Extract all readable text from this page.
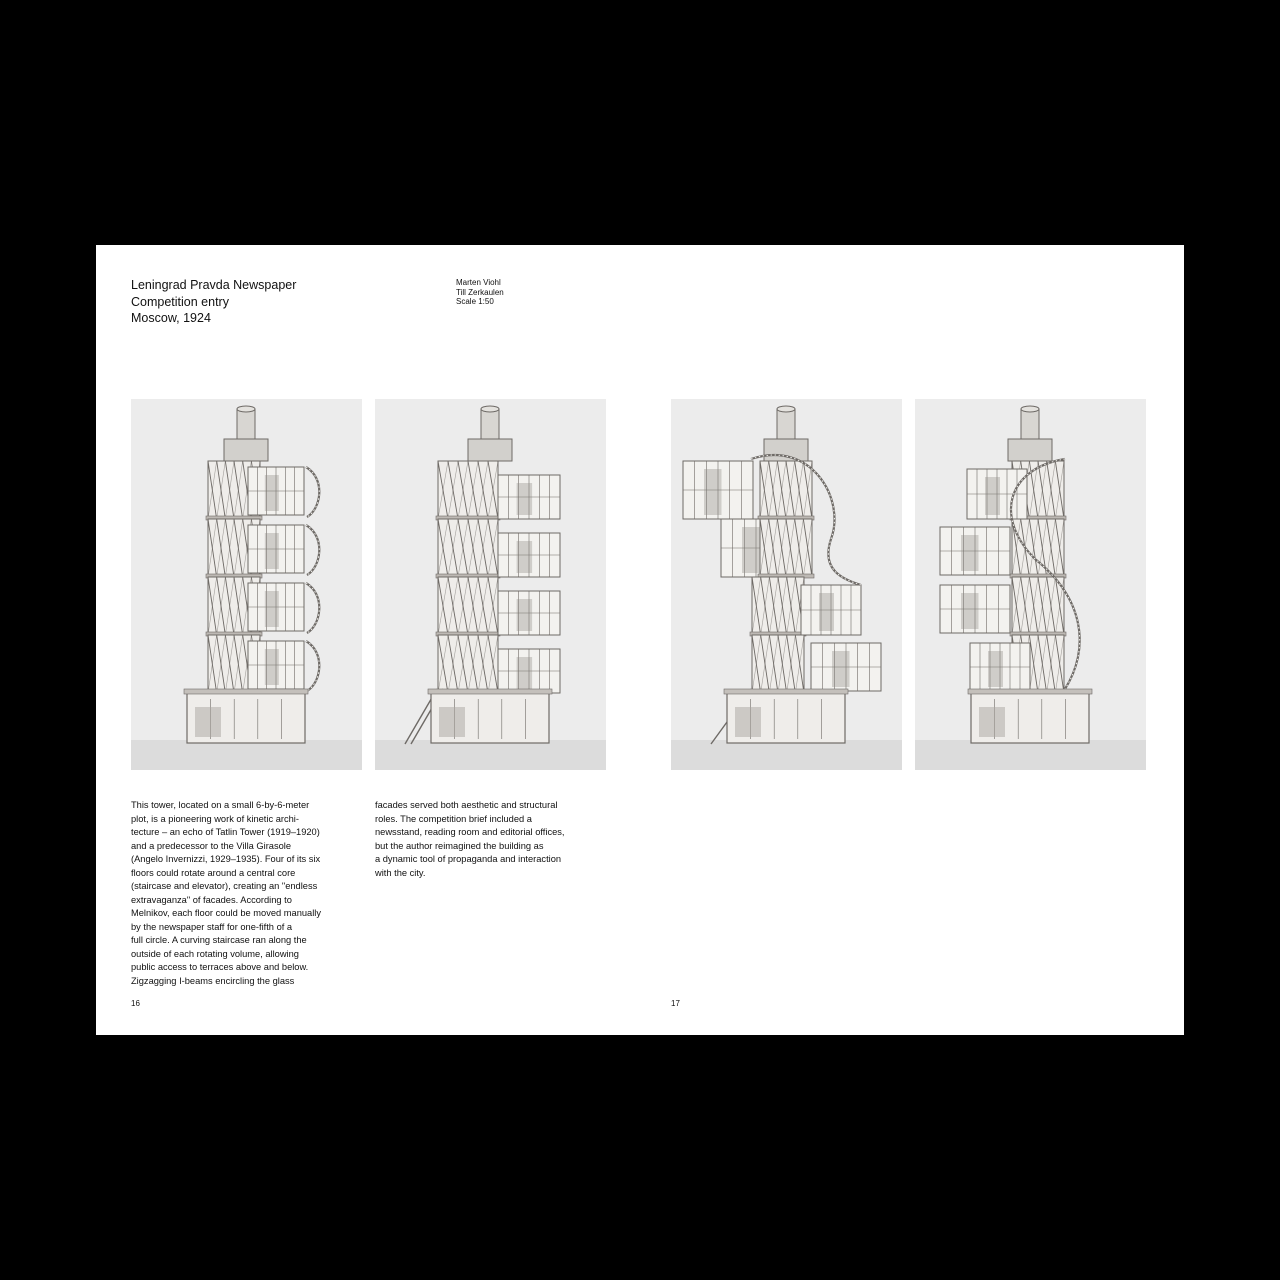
Leningrad Pravda Newspaper
Competition entry
Moscow, 1924
Marten Viohl
Till Zerkaulen
Scale 1:50

This tower, located on a small 6-by-6-meter
plot, is a pioneering work of kinetic archi-
tecture – an echo of Tatlin Tower (1919–1920)
and a predecessor to the Villa Girasole
(Angelo Invernizzi, 1929–1935). Four of its six
floors could rotate around a central core
(staircase and elevator), creating an "endless
extravaganza" of facades. According to
Melnikov, each floor could be moved manually
by the newspaper staff for one-fifth of a
full circle. A curving staircase ran along the
outside of each rotating volume, allowing
public access to terraces above and below.
Zigzagging I-beams encircling the glass

facades served both aesthetic and structural
roles. The competition brief included a
newsstand, reading room and editorial offices,
but the author reimagined the building as
a dynamic tool of propaganda and interaction
with the city.

16	17
